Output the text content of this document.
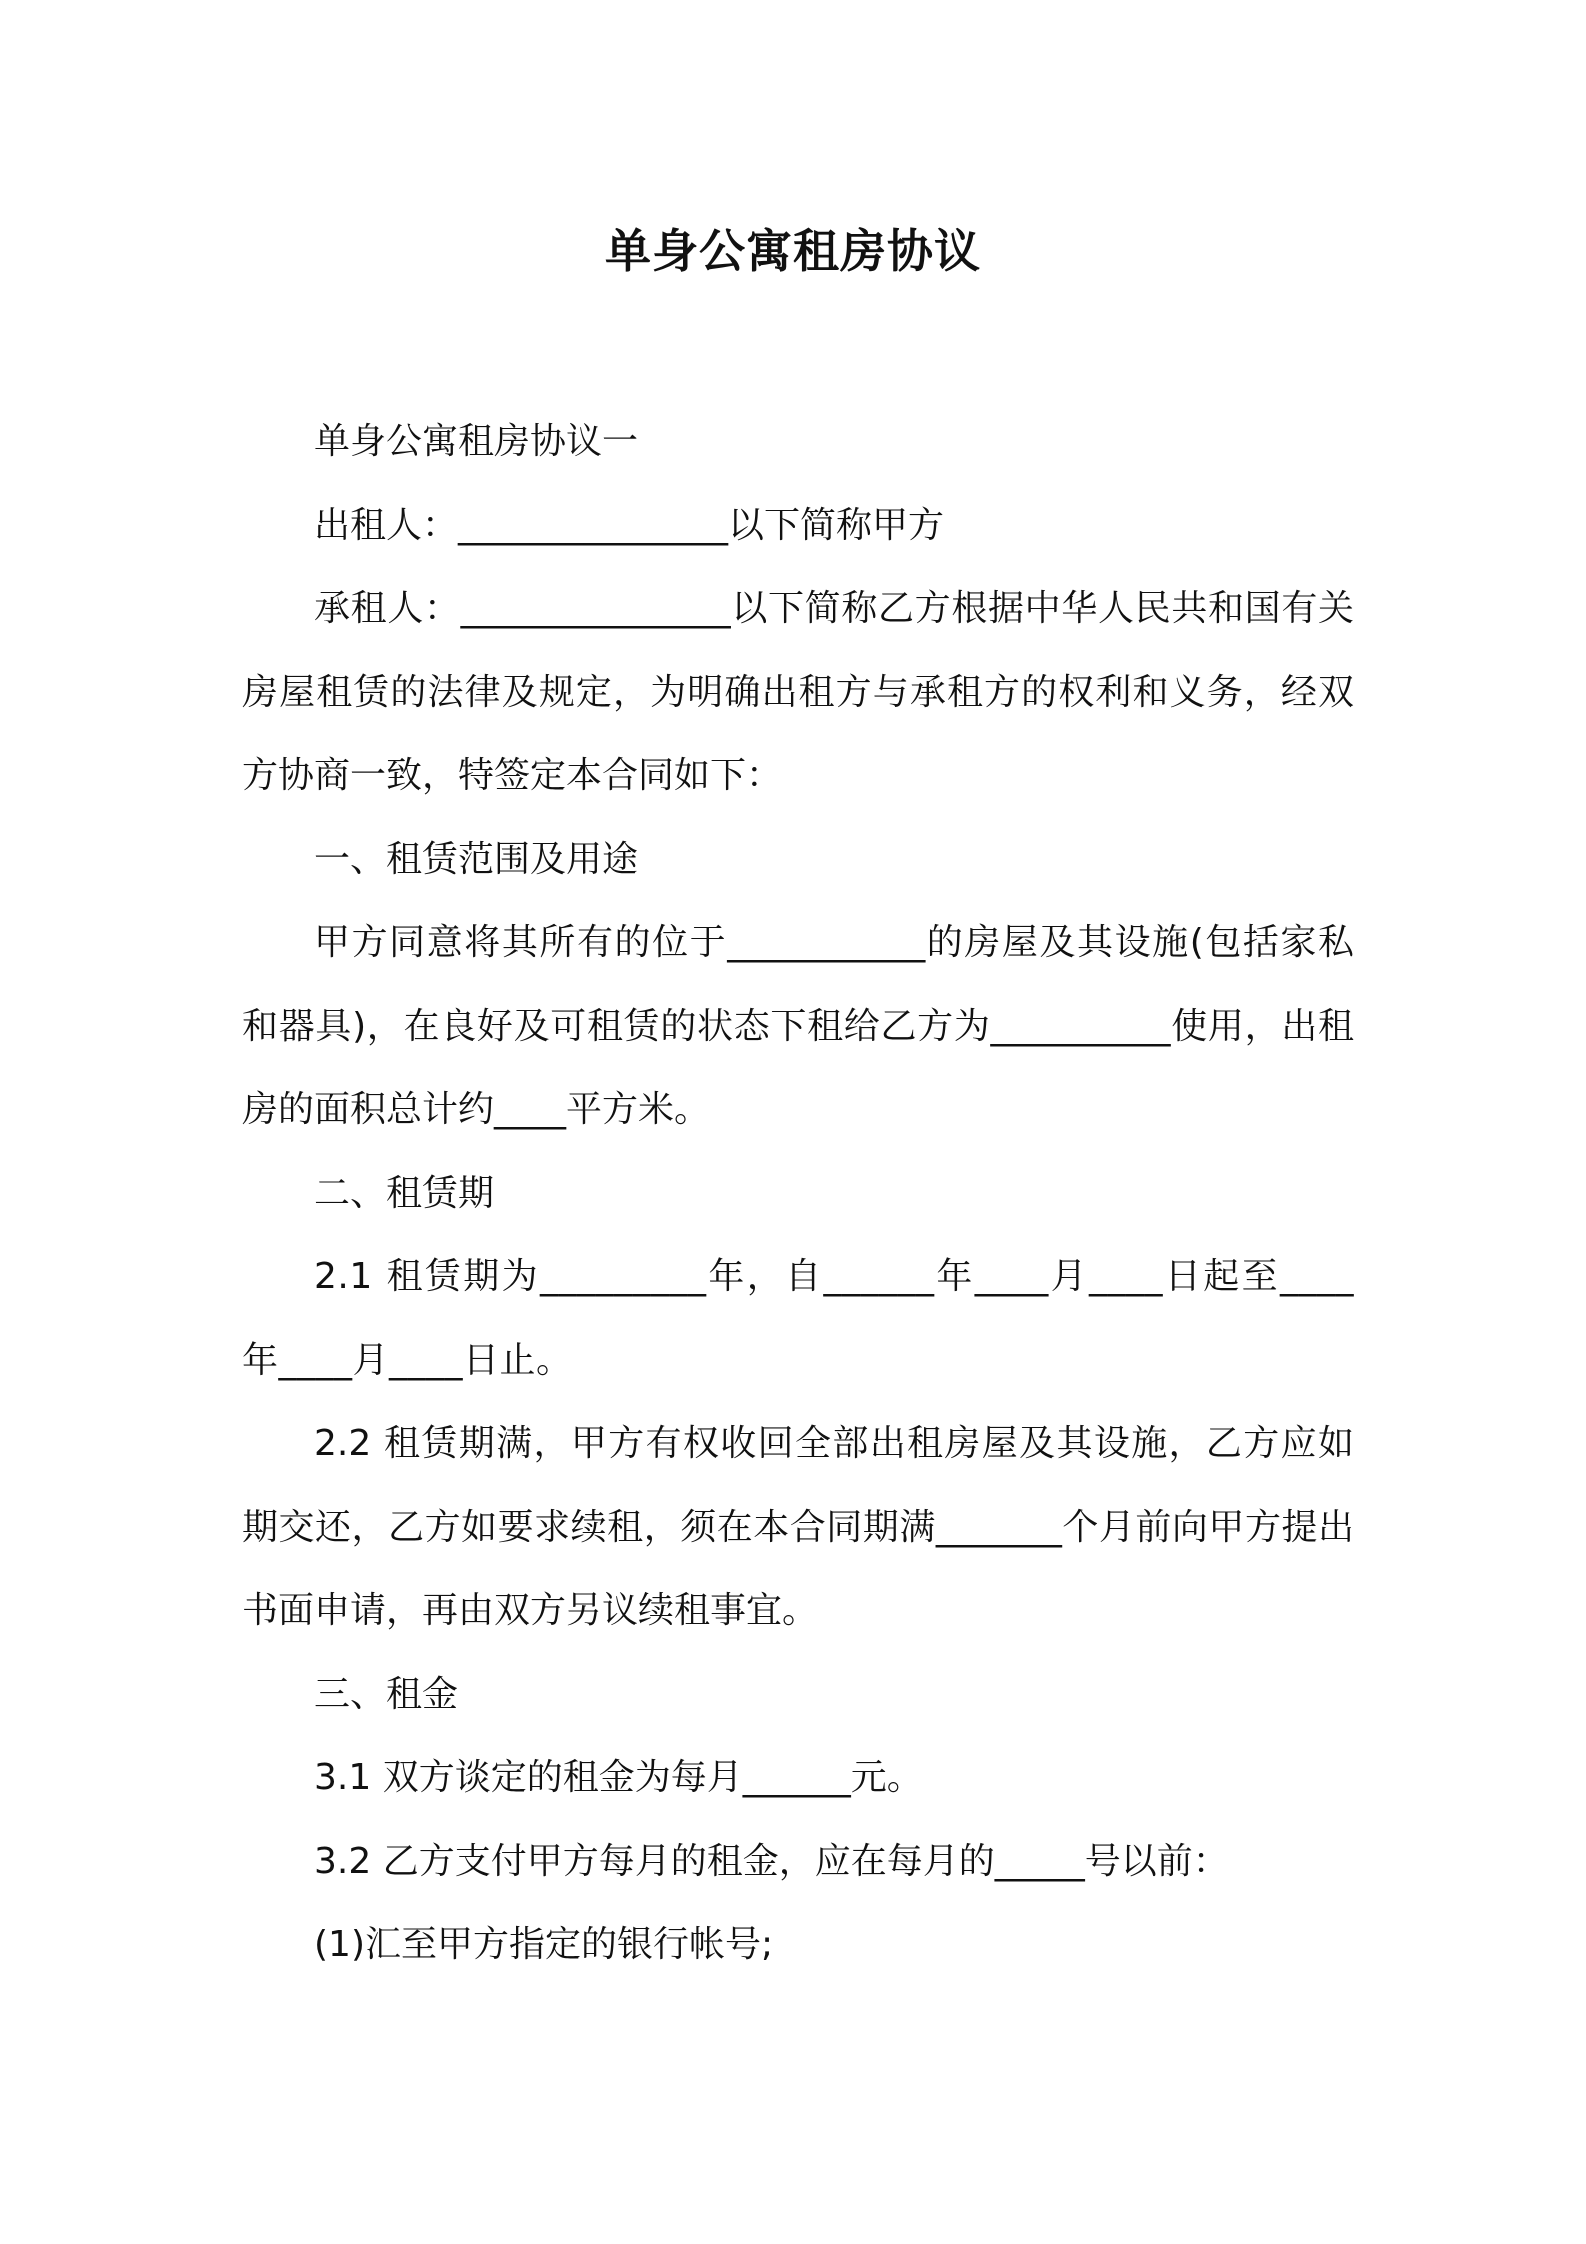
单身公寓租房协议

单身公寓租房协议一

出租人：_______________以下简称甲方

承租人：_______________以下简称乙方根据中华人民共和国有关房屋租赁的法律及规定，为明确出租方与承租方的权利和义务，经双方协商一致，特签定本合同如下：

一、租赁范围及用途

甲方同意将其所有的位于___________的房屋及其设施(包括家私和器具)，在良好及可租赁的状态下租给乙方为__________使用，出租房的面积总计约____平方米。

二、租赁期

2.1 租赁期为_________年，自______年____月____日起至____年____月____日止。

2.2 租赁期满，甲方有权收回全部出租房屋及其设施，乙方应如期交还，乙方如要求续租，须在本合同期满_______个月前向甲方提出书面申请，再由双方另议续租事宜。

三、租金

3.1 双方谈定的租金为每月______元。

3.2 乙方支付甲方每月的租金，应在每月的_____号以前：

(1)汇至甲方指定的银行帐号;
